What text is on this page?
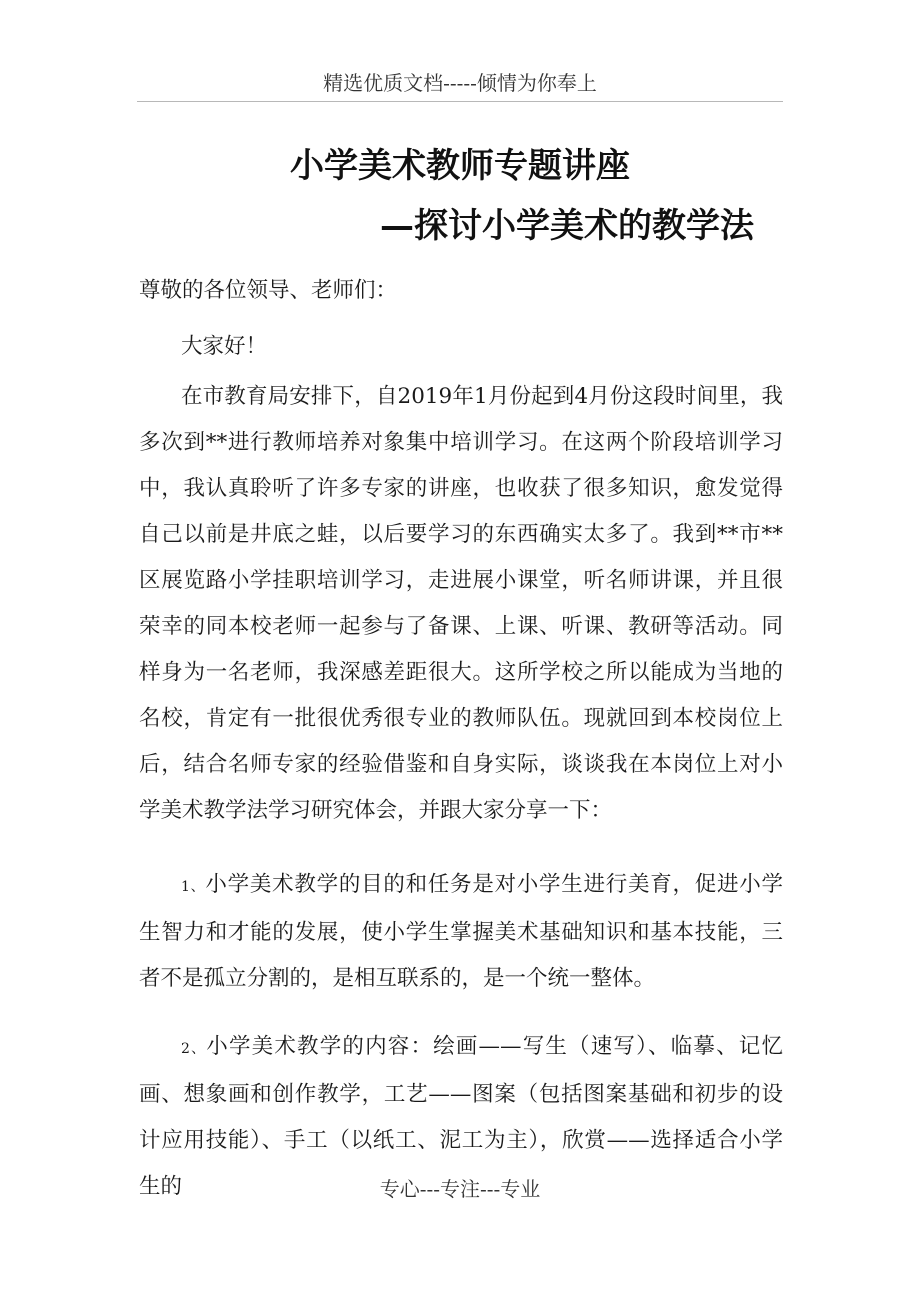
精选优质文档-----倾情为你奉上
小学美术教师专题讲座
—探讨小学美术的教学法

尊敬的各位领导、老师们：

大家好！

在市教育局安排下，自2019年1月份起到4月份这段时间里，我多次到**进行教师培养对象集中培训学习。在这两个阶段培训学习中，我认真聆听了许多专家的讲座，也收获了很多知识，愈发觉得自己以前是井底之蛙，以后要学习的东西确实太多了。我到**市**区展览路小学挂职培训学习，走进展小课堂，听名师讲课，并且很荣幸的同本校老师一起参与了备课、上课、听课、教研等活动。同样身为一名老师，我深感差距很大。这所学校之所以能成为当地的名校，肯定有一批很优秀很专业的教师队伍。现就回到本校岗位上后，结合名师专家的经验借鉴和自身实际，谈谈我在本岗位上对小学美术教学法学习研究体会，并跟大家分享一下：

1、小学美术教学的目的和任务是对小学生进行美育，促进小学生智力和才能的发展，使小学生掌握美术基础知识和基本技能，三者不是孤立分割的，是相互联系的，是一个统一整体。

2、小学美术教学的内容：绘画——写生（速写）、临摹、记忆画、想象画和创作教学，工艺——图案（包括图案基础和初步的设计应用技能）、手工（以纸工、泥工为主），欣赏——选择适合小学生的	专心---专注---专业
